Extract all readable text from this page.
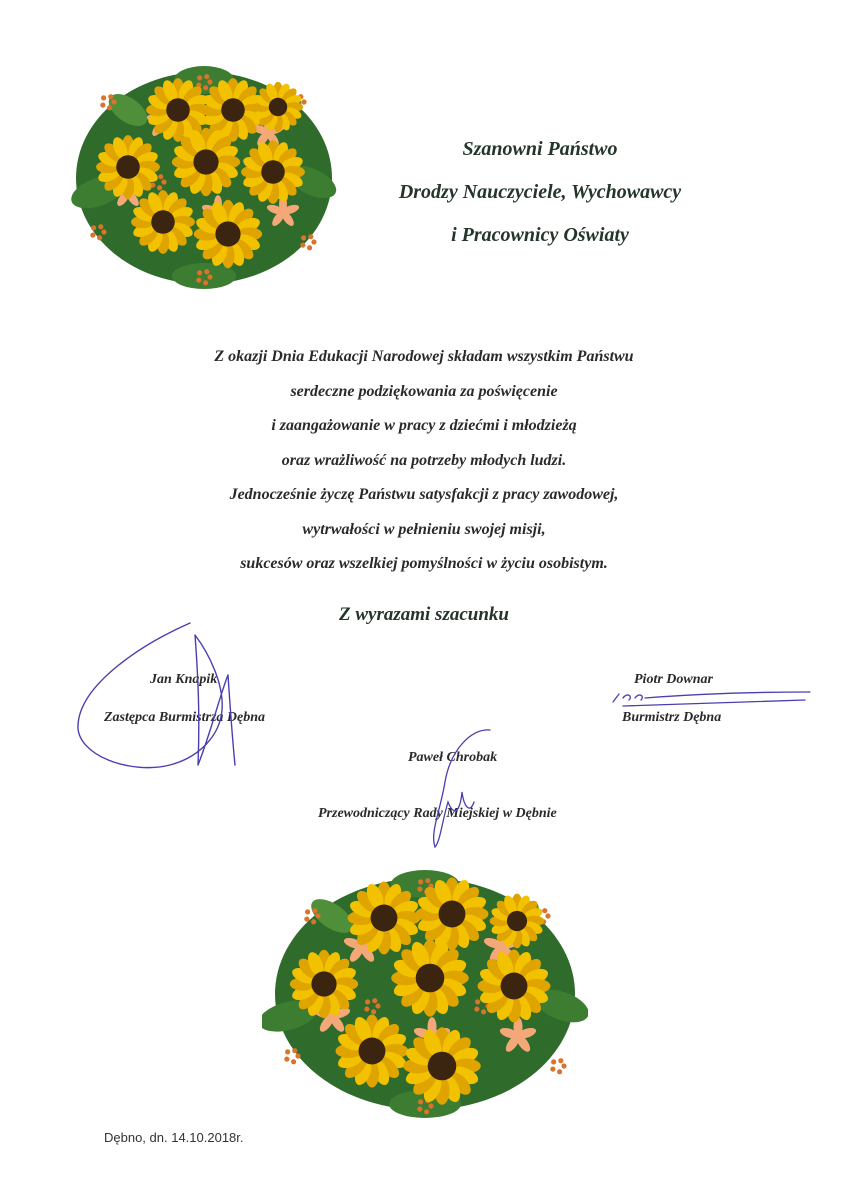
Szanowni Państwo
Drodzy Nauczyciele, Wychowawcy
i Pracownicy Oświaty
Z okazji Dnia Edukacji Narodowej składam wszystkim Państwu
serdeczne podziękowania za poświęcenie
i zaangażowanie w pracy z dziećmi i młodzieżą
oraz wrażliwość na potrzeby młodych ludzi.
Jednocześnie życzę Państwu satysfakcji z pracy zawodowej,
wytrwałości w pełnieniu swojej misji,
sukcesów oraz wszelkiej pomyślności w życiu osobistym.
Z wyrazami szacunku
Jan Knapik
Zastępca Burmistrza Dębna
Piotr Downar
Burmistrz Dębna
Paweł Chrobak
Przewodniczący Rady Miejskiej w Dębnie
Dębno, dn. 14.10.2018r.
